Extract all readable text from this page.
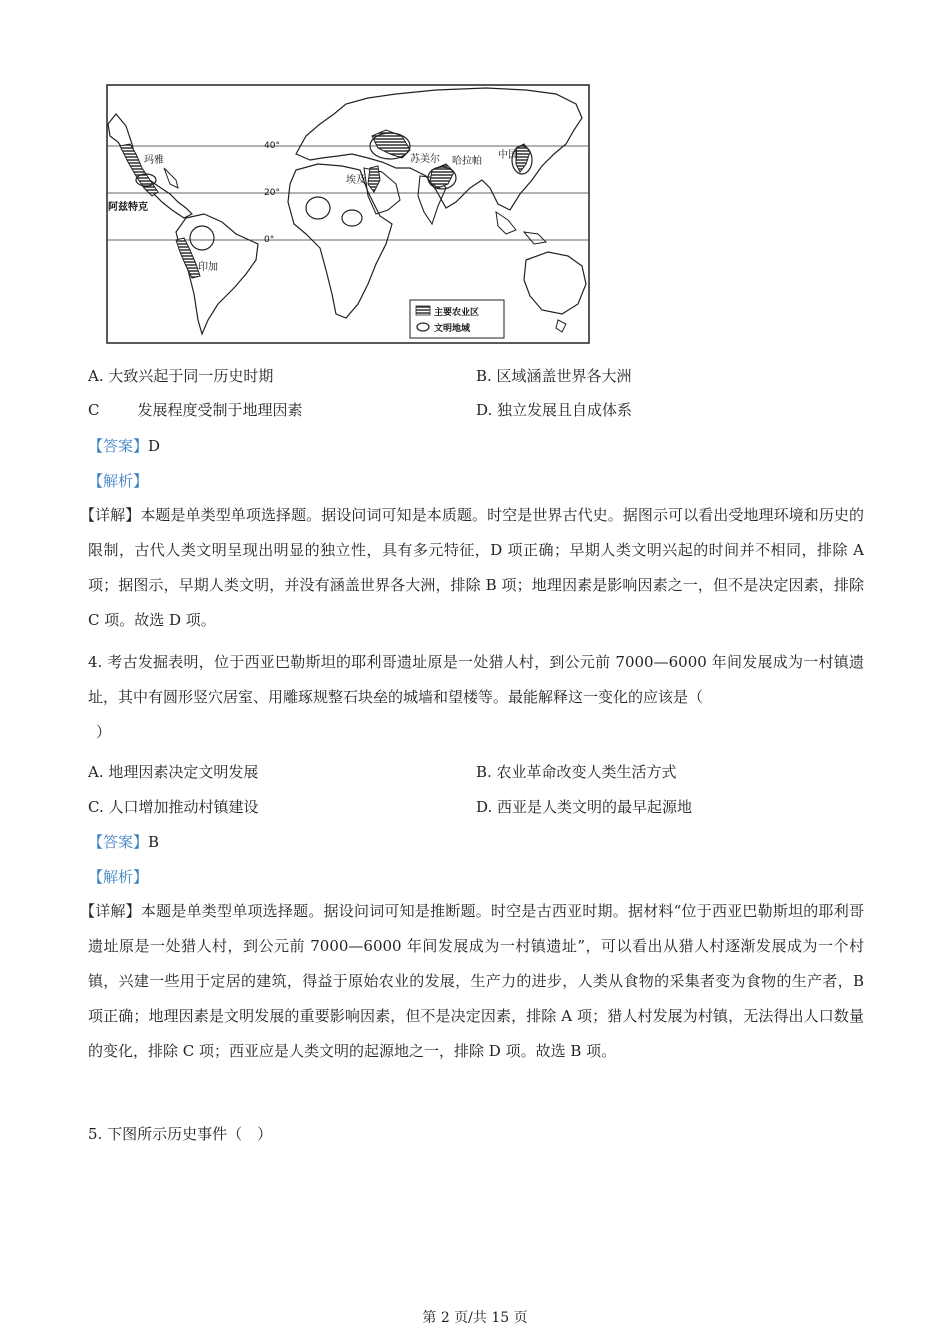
玛雅
阿兹特克
印加
埃及
苏美尔 哈拉帕
中国
40°
20°
0°
主要农业区
文明地域
A. 大致兴起于同一历史时期	B. 区域涵盖世界各大洲
C	发展程度受制于地理因素	D. 独立发展且自成体系
【答案】D
【解析】
【详解】本题是单类型单项选择题。据设问词可知是本质题。时空是世界古代史。据图示可以看出受地理环境和历史的限制，古代人类文明呈现出明显的独立性，具有多元特征，D 项正确；早期人类文明兴起的时间并不相同，排除 A 项；据图示，早期人类文明，并没有涵盖世界各大洲，排除 B 项；地理因素是影响因素之一，但不是决定因素，排除 C 项。故选 D 项。
4. 考古发掘表明，位于西亚巴勒斯坦的耶利哥遗址原是一处猎人村，到公元前 7000—6000 年间发展成为一村镇遗址，其中有圆形竖穴居室、用雕琢规整石块垒的城墙和望楼等。最能解释这一变化的应该是（
）
A. 地理因素决定文明发展	B. 农业革命改变人类生活方式
C. 人口增加推动村镇建设	D. 西亚是人类文明的最早起源地
【答案】B
【解析】
【详解】本题是单类型单项选择题。据设问词可知是推断题。时空是古西亚时期。据材料“位于西亚巴勒斯坦的耶利哥遗址原是一处猎人村，到公元前 7000—6000 年间发展成为一村镇遗址”，可以看出从猎人村逐渐发展成为一个村镇，兴建一些用于定居的建筑，得益于原始农业的发展，生产力的进步，人类从食物的采集者变为食物的生产者，B 项正确；地理因素是文明发展的重要影响因素，但不是决定因素，排除 A 项；猎人村发展为村镇，无法得出人口数量的变化，排除 C 项；西亚应是人类文明的起源地之一，排除 D 项。故选 B 项。
5. 下图所示历史事件（　）
第 2 页/共 15 页
